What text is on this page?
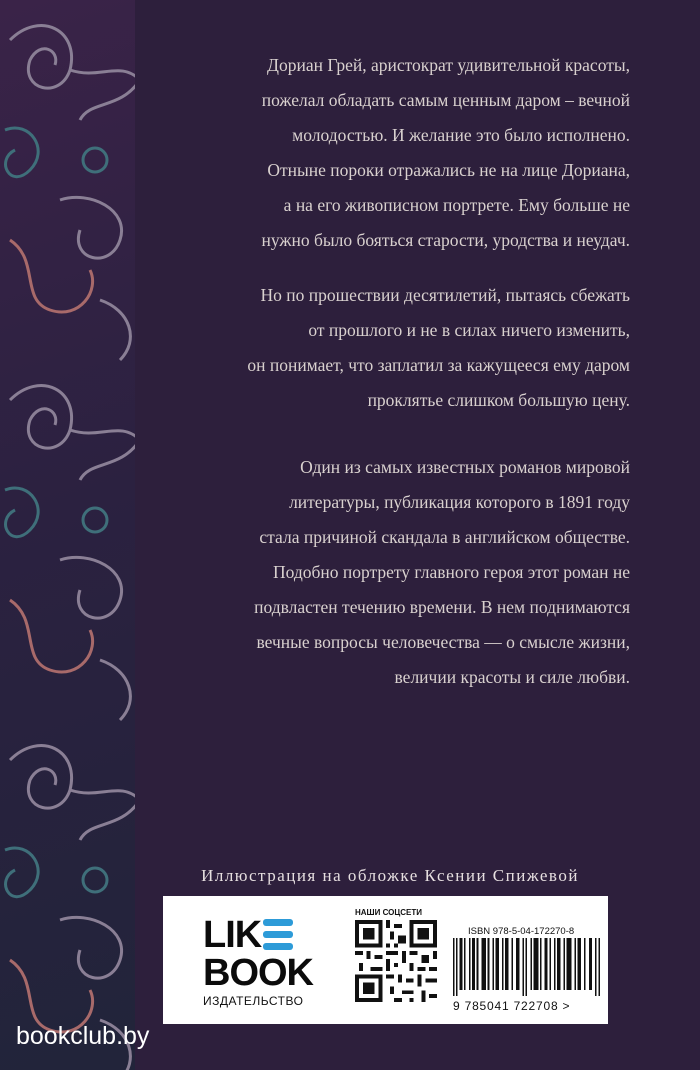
Дориан Грей, аристократ удивительной красоты,

пожелал обладать самым ценным даром – вечной

молодостью. И желание это было исполнено.

Отныне пороки отражались не на лице Дориана,

а на его живописном портрете. Ему больше не

нужно было бояться старости, уродства и неудач.

Но по прошествии десятилетий, пытаясь сбежать

от прошлого и не в силах ничего изменить,

он понимает, что заплатил за кажущееся ему даром

проклятье слишком большую цену.

Один из самых известных романов мировой

литературы, публикация которого в 1891 году

стала причиной скандала в английском обществе.

Подобно портрету главного героя этот роман не

подвластен течению времени. В нем поднимаются

вечные вопросы человечества — о смысле жизни,

величии красоты и силе любви.

Иллюстрация на обложке Ксении Спижевой
LIK
BOOK
ИЗДАТЕЛЬСТВО
НАШИ СОЦСЕТИ
ISBN 978-5-04-172270-8
9 785041 722708 >
bookclub.by
